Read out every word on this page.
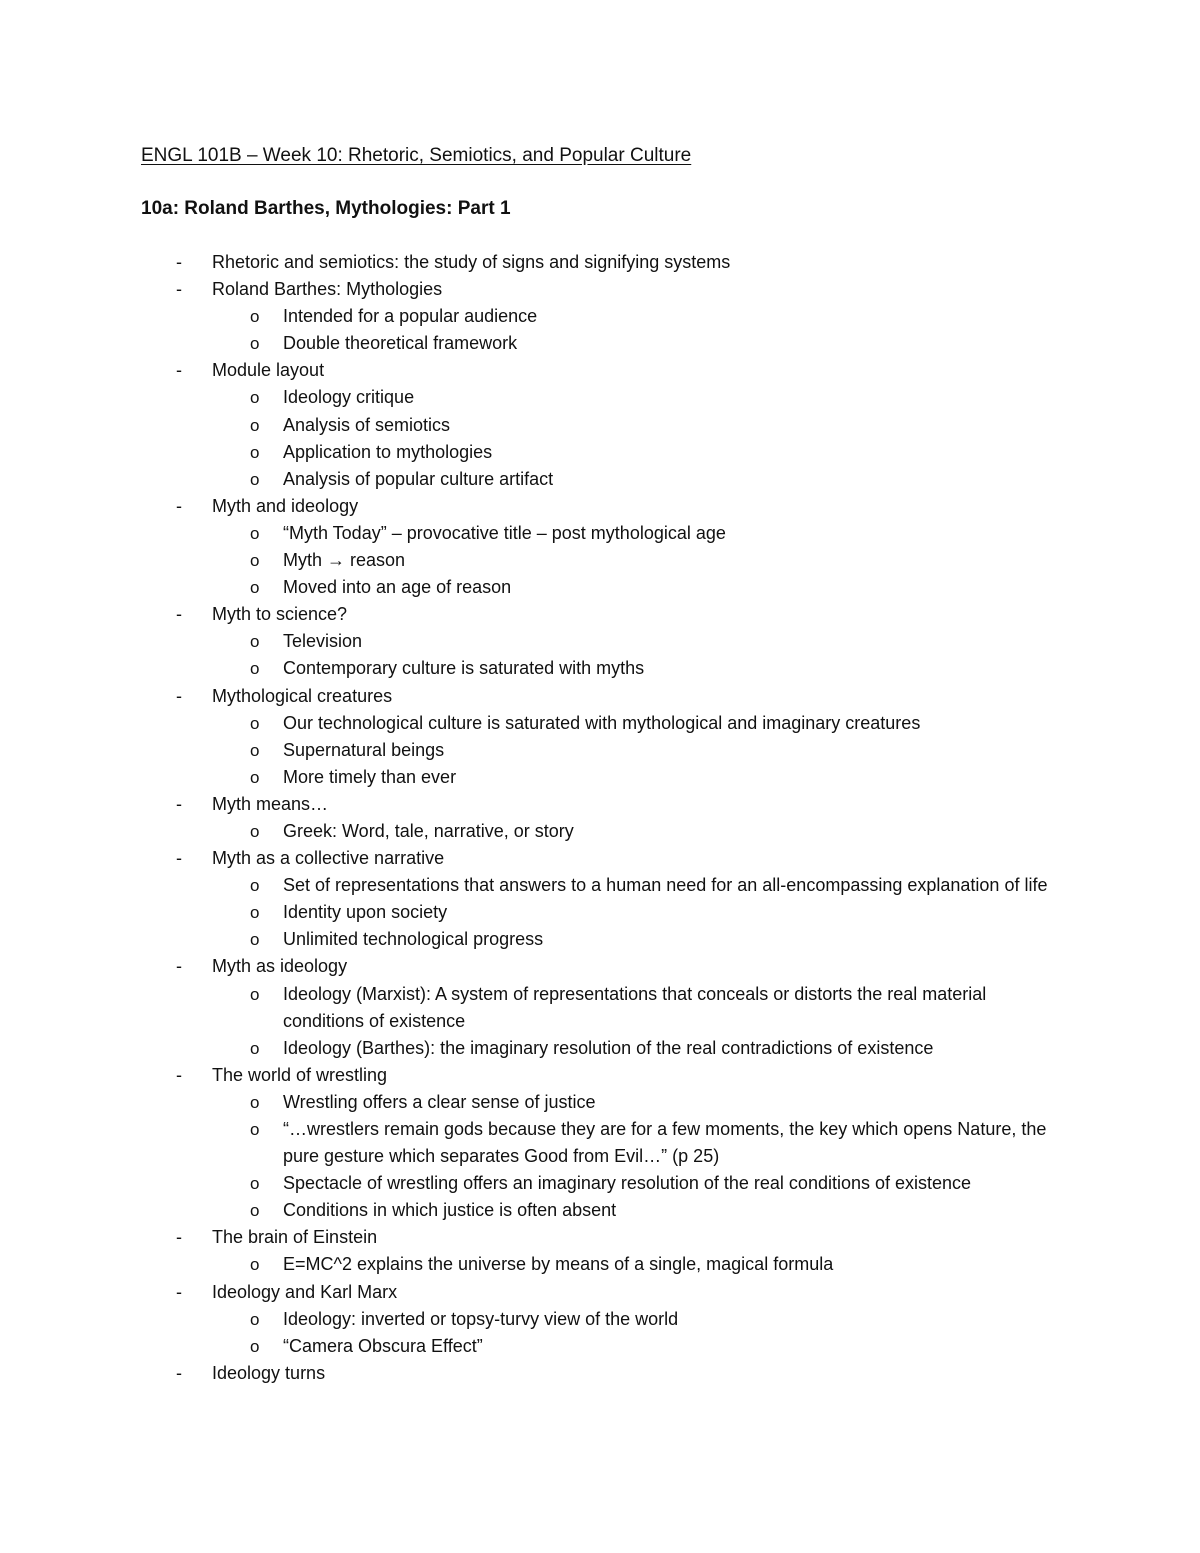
ENGL 101B – Week 10: Rhetoric, Semiotics, and Popular Culture
10a: Roland Barthes, Mythologies: Part 1
- Rhetoric and semiotics: the study of signs and signifying systems
- Roland Barthes: Mythologies
o Intended for a popular audience
o Double theoretical framework
- Module layout
o Ideology critique
o Analysis of semiotics
o Application to mythologies
o Analysis of popular culture artifact
- Myth and ideology
o “Myth Today” – provocative title – post mythological age
o Myth → reason
o Moved into an age of reason
- Myth to science?
o Television
o Contemporary culture is saturated with myths
- Mythological creatures
o Our technological culture is saturated with mythological and imaginary creatures
o Supernatural beings
o More timely than ever
- Myth means…
o Greek: Word, tale, narrative, or story
- Myth as a collective narrative
o Set of representations that answers to a human need for an all-encompassing explanation of life
o Identity upon society
o Unlimited technological progress
- Myth as ideology
o Ideology (Marxist): A system of representations that conceals or distorts the real material conditions of existence
o Ideology (Barthes): the imaginary resolution of the real contradictions of existence
- The world of wrestling
o Wrestling offers a clear sense of justice
o “…wrestlers remain gods because they are for a few moments, the key which opens Nature, the pure gesture which separates Good from Evil…” (p 25)
o Spectacle of wrestling offers an imaginary resolution of the real conditions of existence
o Conditions in which justice is often absent
- The brain of Einstein
o E=MC^2 explains the universe by means of a single, magical formula
- Ideology and Karl Marx
o Ideology: inverted or topsy-turvy view of the world
o “Camera Obscura Effect”
- Ideology turns
